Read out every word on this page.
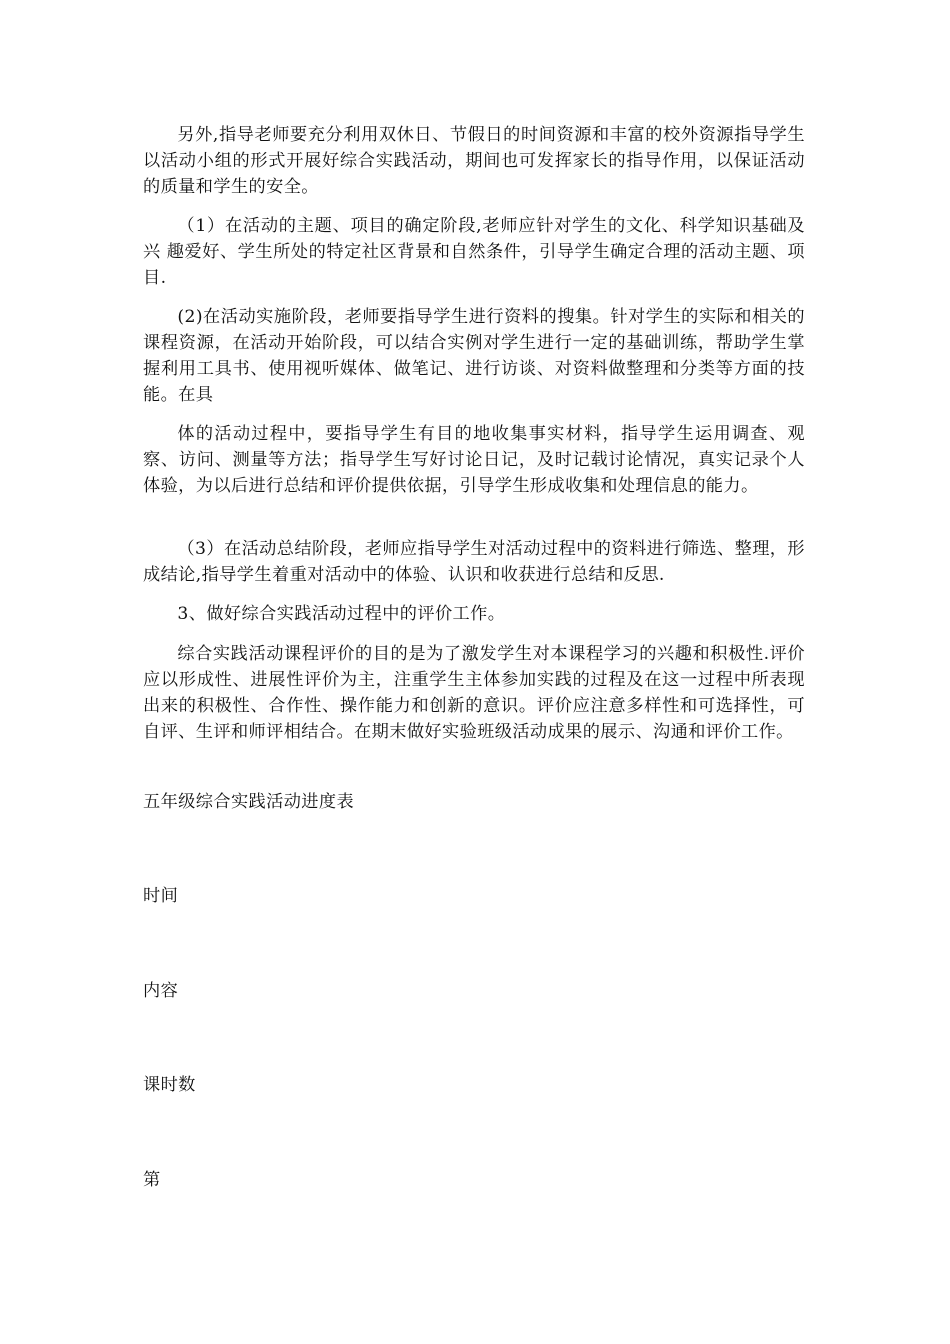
另外,指导老师要充分利用双休日、节假日的时间资源和丰富的校外资源指导学生以活动小组的形式开展好综合实践活动，期间也可发挥家长的指导作用，以保证活动的质量和学生的安全。

（1）在活动的主题、项目的确定阶段,老师应针对学生的文化、科学知识基础及兴 趣爱好、学生所处的特定社区背景和自然条件，引导学生确定合理的活动主题、项目.

(2)在活动实施阶段，老师要指导学生进行资料的搜集。针对学生的实际和相关的课程资源，在活动开始阶段，可以结合实例对学生进行一定的基础训练，帮助学生掌握利用工具书、使用视听媒体、做笔记、进行访谈、对资料做整理和分类等方面的技能。在具

体的活动过程中，要指导学生有目的地收集事实材料，指导学生运用调查、观察、访问、测量等方法；指导学生写好讨论日记，及时记载讨论情况，真实记录个人体验，为以后进行总结和评价提供依据，引导学生形成收集和处理信息的能力。

（3）在活动总结阶段，老师应指导学生对活动过程中的资料进行筛选、整理，形成结论,指导学生着重对活动中的体验、认识和收获进行总结和反思.

3、做好综合实践活动过程中的评价工作。

综合实践活动课程评价的目的是为了激发学生对本课程学习的兴趣和积极性.评价应以形成性、进展性评价为主，注重学生主体参加实践的过程及在这一过程中所表现出来的积极性、合作性、操作能力和创新的意识。评价应注意多样性和可选择性，可自评、生评和师评相结合。在期末做好实验班级活动成果的展示、沟通和评价工作。

五年级综合实践活动进度表

时间

内容

课时数

第
